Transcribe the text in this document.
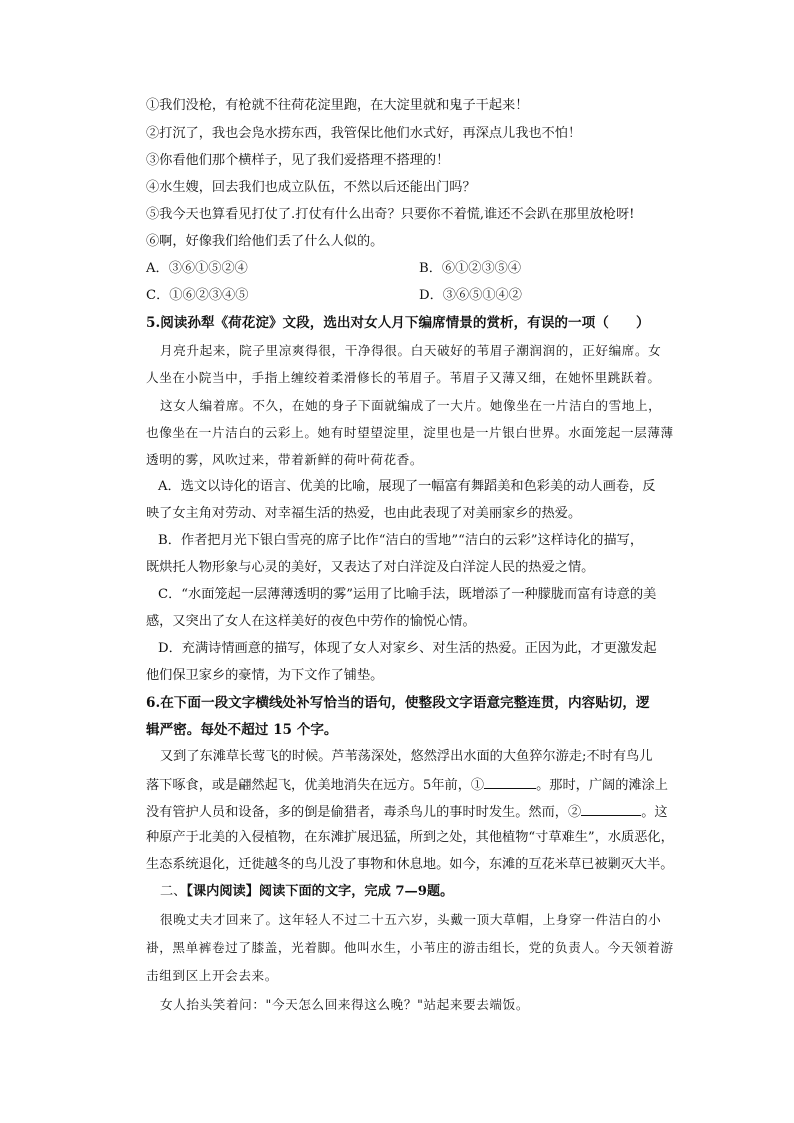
①我们没枪，有枪就不往荷花淀里跑，在大淀里就和鬼子干起来！
②打沉了，我也会凫水捞东西，我管保比他们水式好，再深点儿我也不怕！
③你看他们那个横样子，见了我们爱搭理不搭理的！
④水生嫂，回去我们也成立队伍，不然以后还能出门吗？
⑤我今天也算看见打仗了.打仗有什么出奇？只要你不着慌,谁还不会趴在那里放枪呀!
⑥啊，好像我们给他们丢了什么人似的。
A．③⑥①⑤②④	B．⑥①②③⑤④
C．①⑥②③④⑤	D．③⑥⑤①④②
5.阅读孙犁《荷花淀》文段，选出对女人月下编席情景的赏析，有误的一项（　　）
月亮升起来，院子里凉爽得很，干净得很。白天破好的苇眉子潮润润的，正好编席。女
人坐在小院当中，手指上缠绞着柔滑修长的苇眉子。苇眉子又薄又细，在她怀里跳跃着。
这女人编着席。不久，在她的身子下面就编成了一大片。她像坐在一片洁白的雪地上，
也像坐在一片洁白的云彩上。她有时望望淀里，淀里也是一片银白世界。水面笼起一层薄薄
透明的雾，风吹过来，带着新鲜的荷叶荷花香。
A．选文以诗化的语言、优美的比喻，展现了一幅富有舞蹈美和色彩美的动人画卷，反
映了女主角对劳动、对幸福生活的热爱，也由此表现了对美丽家乡的热爱。
B．作者把月光下银白雪亮的席子比作“洁白的雪地”“洁白的云彩”这样诗化的描写，
既烘托人物形象与心灵的美好，又表达了对白洋淀及白洋淀人民的热爱之情。
C．“水面笼起一层薄薄透明的雾”运用了比喻手法，既增添了一种朦胧而富有诗意的美
感，又突出了女人在这样美好的夜色中劳作的愉悦心情。
D．充满诗情画意的描写，体现了女人对家乡、对生活的热爱。正因为此，才更激发起
他们保卫家乡的豪情，为下文作了铺垫。
6.在下面一段文字横线处补写恰当的语句，使整段文字语意完整连贯，内容贴切，逻
辑严密。每处不超过 15 个字。
又到了东滩草长莺飞的时候。芦苇荡深处，悠然浮出水面的大鱼猝尔游走;不时有鸟儿
落下啄食，或是翩然起飞，优美地消失在远方。5年前，①	。那时，广阔的滩涂上
没有管护人员和设备，多的倒是偷猎者，毒杀鸟儿的事时时发生。然而，②	。这
种原产于北美的入侵植物，在东滩扩展迅猛，所到之处，其他植物“寸草难生”，水质恶化，
生态系统退化，迁徙越冬的鸟儿没了事物和休息地。如今，东滩的互花米草已被剿灭大半。
二、【课内阅读】阅读下面的文字，完成 7—9题。
很晚丈夫才回来了。这年轻人不过二十五六岁，头戴一顶大草帽，上身穿一件洁白的小
褂，黑单裤卷过了膝盖，光着脚。他叫水生，小苇庄的游击组长，党的负责人。今天领着游
击组到区上开会去来。
女人抬头笑着问："今天怎么回来得这么晚？"站起来要去端饭。
